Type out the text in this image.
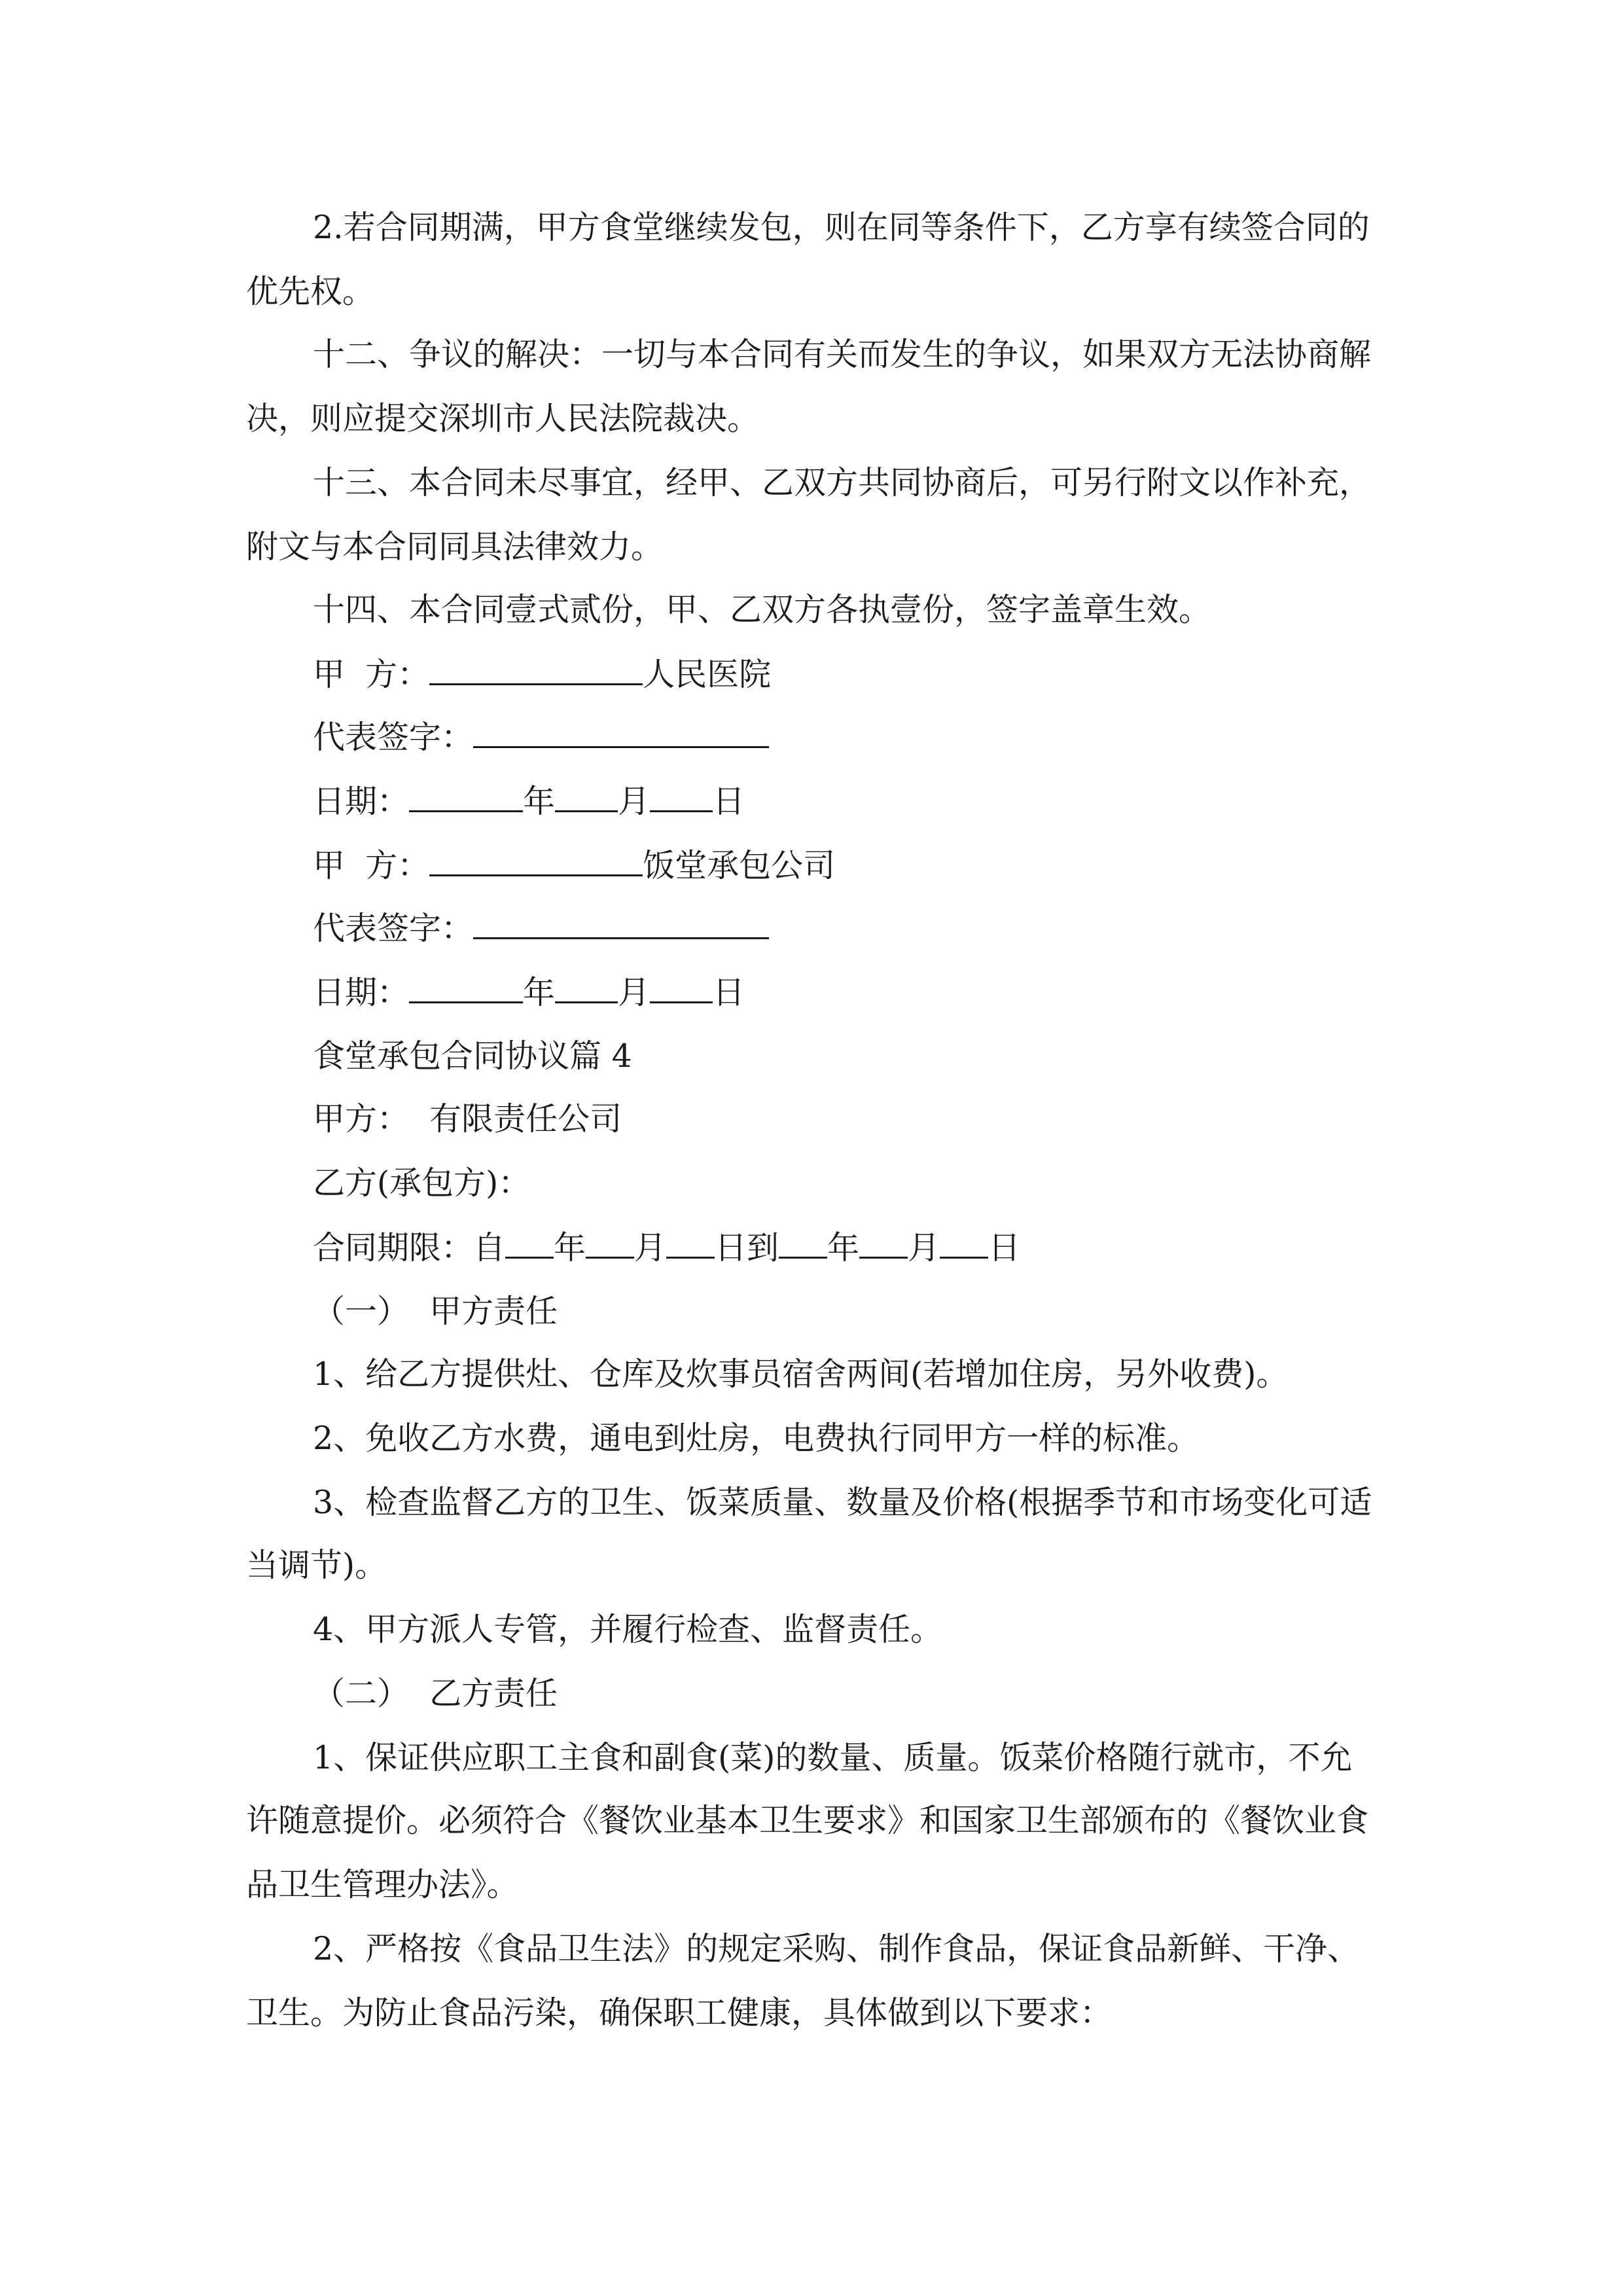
2.若合同期满，甲方食堂继续发包，则在同等条件下，乙方享有续签合同的
优先权。
十二、争议的解决：一切与本合同有关而发生的争议，如果双方无法协商解
决，则应提交深圳市人民法院裁决。
十三、本合同未尽事宜，经甲、乙双方共同协商后，可另行附文以作补充，
附文与本合同同具法律效力。
十四、本合同壹式贰份，甲、乙双方各执壹份，签字盖章生效。
甲  方：	人民医院
代表签字：
日期：	年 月 日
甲  方：	饭堂承包公司
代表签字：
日期：	年 月 日
食堂承包合同协议篇 4
甲方：  有限责任公司
乙方(承包方)：
合同期限：自 年 月 日到 年 月 日
（一）  甲方责任
1、给乙方提供灶、仓库及炊事员宿舍两间(若增加住房，另外收费)。
2、免收乙方水费，通电到灶房，电费执行同甲方一样的标准。
3、检查监督乙方的卫生、饭菜质量、数量及价格(根据季节和市场变化可适
当调节)。
4、甲方派人专管，并履行检查、监督责任。
（二）  乙方责任
1、保证供应职工主食和副食(菜)的数量、质量。饭菜价格随行就市，不允
许随意提价。必须符合《餐饮业基本卫生要求》和国家卫生部颁布的《餐饮业食
品卫生管理办法》。
2、严格按《食品卫生法》的规定采购、制作食品，保证食品新鲜、干净、
卫生。为防止食品污染，确保职工健康，具体做到以下要求：
